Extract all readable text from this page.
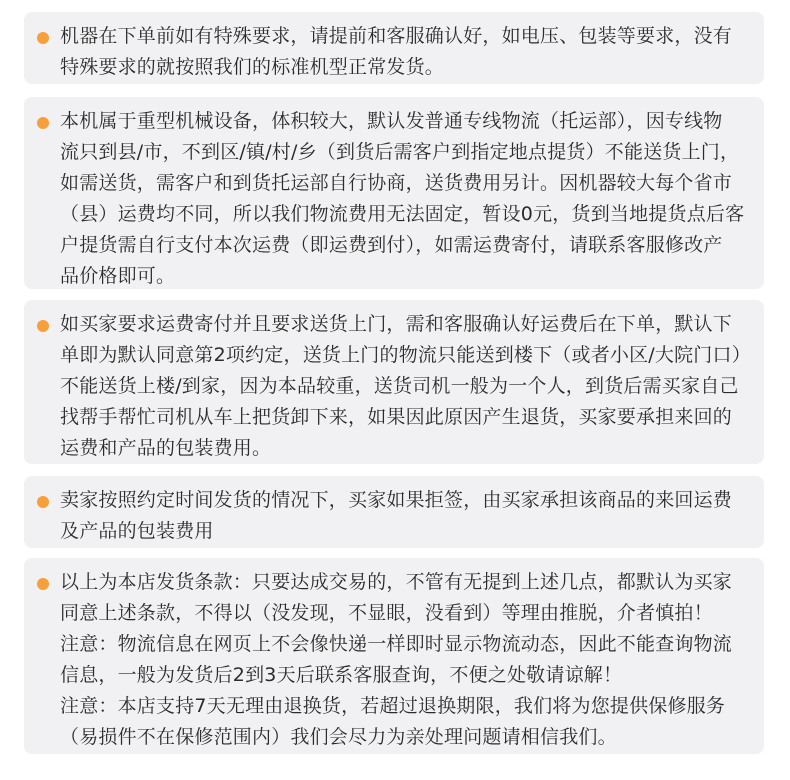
机器在下单前如有特殊要求，请提前和客服确认好，如电压、包装等要求，没有
特殊要求的就按照我们的标准机型正常发货。
本机属于重型机械设备，体积较大，默认发普通专线物流（托运部），因专线物
流只到县/市，不到区/镇/村/乡（到货后需客户到指定地点提货）不能送货上门，
如需送货，需客户和到货托运部自行协商，送货费用另计。因机器较大每个省市
（县）运费均不同，所以我们物流费用无法固定，暂设0元，货到当地提货点后客
户提货需自行支付本次运费（即运费到付），如需运费寄付，请联系客服修改产
品价格即可。
如买家要求运费寄付并且要求送货上门，需和客服确认好运费后在下单，默认下
单即为默认同意第2项约定，送货上门的物流只能送到楼下（或者小区/大院门口）
不能送货上楼/到家，因为本品较重，送货司机一般为一个人，到货后需买家自己
找帮手帮忙司机从车上把货卸下来，如果因此原因产生退货，买家要承担来回的
运费和产品的包装费用。
卖家按照约定时间发货的情况下，买家如果拒签，由买家承担该商品的来回运费
及产品的包装费用
以上为本店发货条款：只要达成交易的，不管有无提到上述几点，都默认为买家
同意上述条款，不得以（没发现，不显眼，没看到）等理由推脱，介者慎拍！
注意：物流信息在网页上不会像快递一样即时显示物流动态，因此不能查询物流
信息，一般为发货后2到3天后联系客服查询，不便之处敬请谅解！
注意：本店支持7天无理由退换货，若超过退换期限，我们将为您提供保修服务
（易损件不在保修范围内）我们会尽力为亲处理问题请相信我们。
